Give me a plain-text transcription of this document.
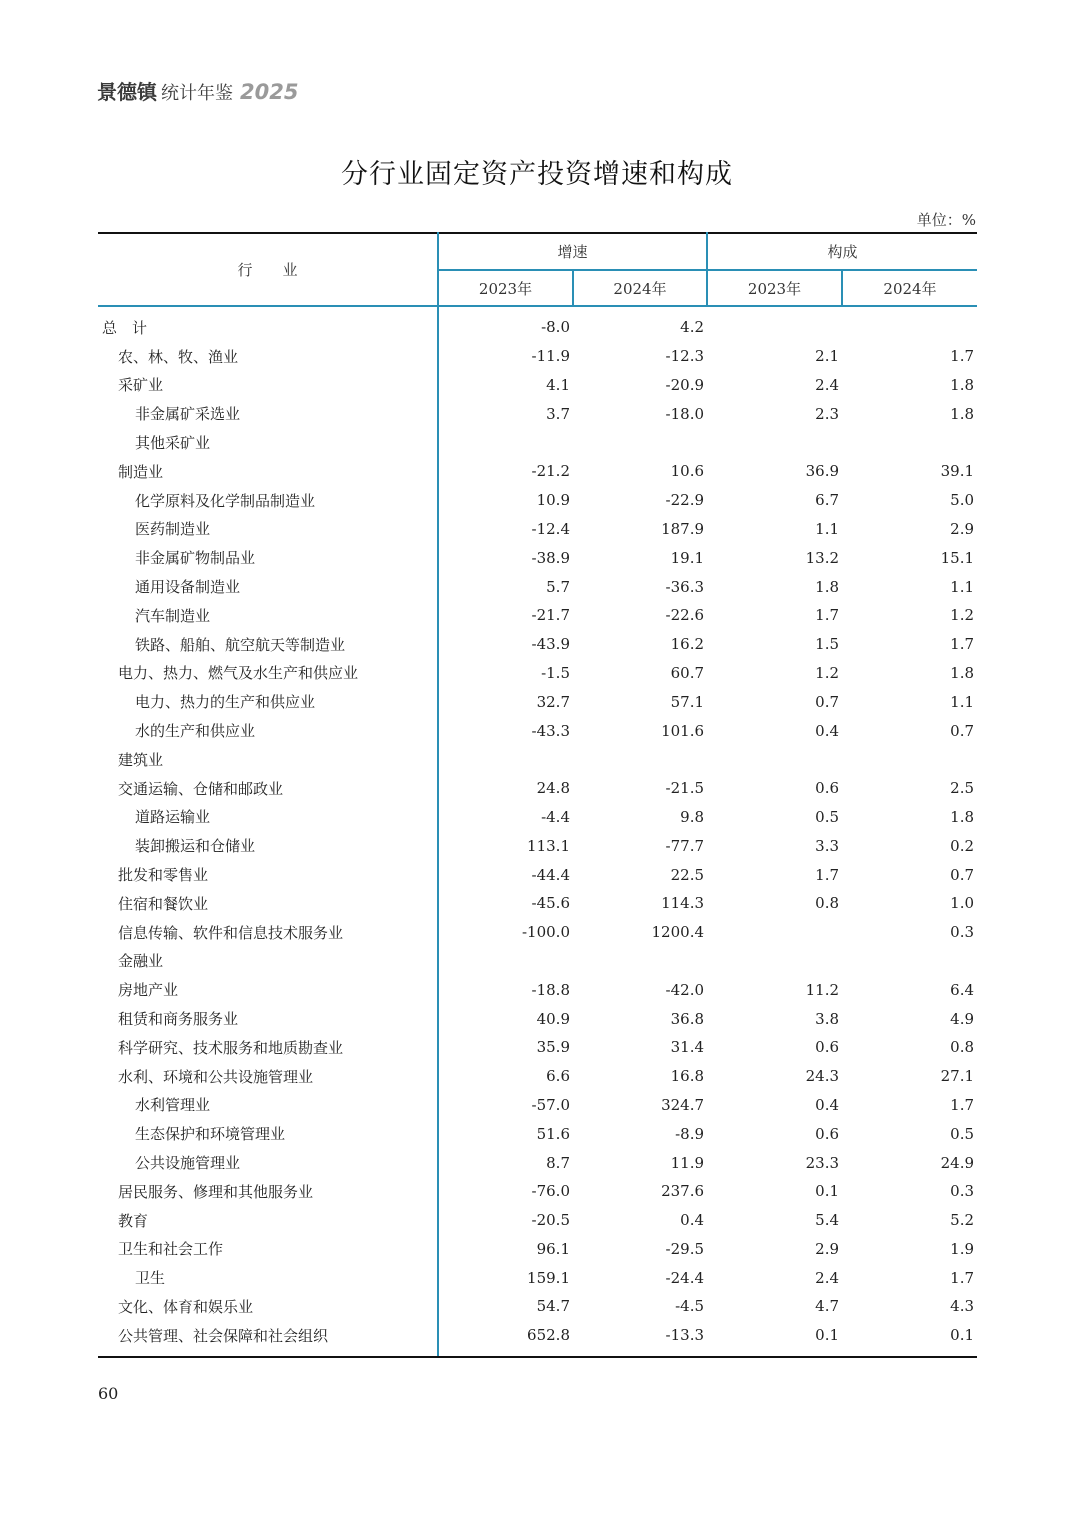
景德镇 统计年鉴 2025
分行业固定资产投资增速和构成
单位：%
行　　业	增速		构成	
	2023年	2024年	2023年	2024年
总　计	-8.0	4.2		
农、林、牧、渔业	-11.9	-12.3	2.1	1.7
采矿业	4.1	-20.9	2.4	1.8
非金属矿采选业	3.7	-18.0	2.3	1.8
其他采矿业				
制造业	-21.2	10.6	36.9	39.1
化学原料及化学制品制造业	10.9	-22.9	6.7	5.0
医药制造业	-12.4	187.9	1.1	2.9
非金属矿物制品业	-38.9	19.1	13.2	15.1
通用设备制造业	5.7	-36.3	1.8	1.1
汽车制造业	-21.7	-22.6	1.7	1.2
铁路、船舶、航空航天等制造业	-43.9	16.2	1.5	1.7
电力、热力、燃气及水生产和供应业	-1.5	60.7	1.2	1.8
电力、热力的生产和供应业	32.7	57.1	0.7	1.1
水的生产和供应业	-43.3	101.6	0.4	0.7
建筑业				
交通运输、仓储和邮政业	24.8	-21.5	0.6	2.5
道路运输业	-4.4	9.8	0.5	1.8
装卸搬运和仓储业	113.1	-77.7	3.3	0.2
批发和零售业	-44.4	22.5	1.7	0.7
住宿和餐饮业	-45.6	114.3	0.8	1.0
信息传输、软件和信息技术服务业	-100.0	1200.4		0.3
金融业				
房地产业	-18.8	-42.0	11.2	6.4
租赁和商务服务业	40.9	36.8	3.8	4.9
科学研究、技术服务和地质勘查业	35.9	31.4	0.6	0.8
水利、环境和公共设施管理业	6.6	16.8	24.3	27.1
水利管理业	-57.0	324.7	0.4	1.7
生态保护和环境管理业	51.6	-8.9	0.6	0.5
公共设施管理业	8.7	11.9	23.3	24.9
居民服务、修理和其他服务业	-76.0	237.6	0.1	0.3
教育	-20.5	0.4	5.4	5.2
卫生和社会工作	96.1	-29.5	2.9	1.9
卫生	159.1	-24.4	2.4	1.7
文化、体育和娱乐业	54.7	-4.5	4.7	4.3
公共管理、社会保障和社会组织	652.8	-13.3	0.1	0.1
60
